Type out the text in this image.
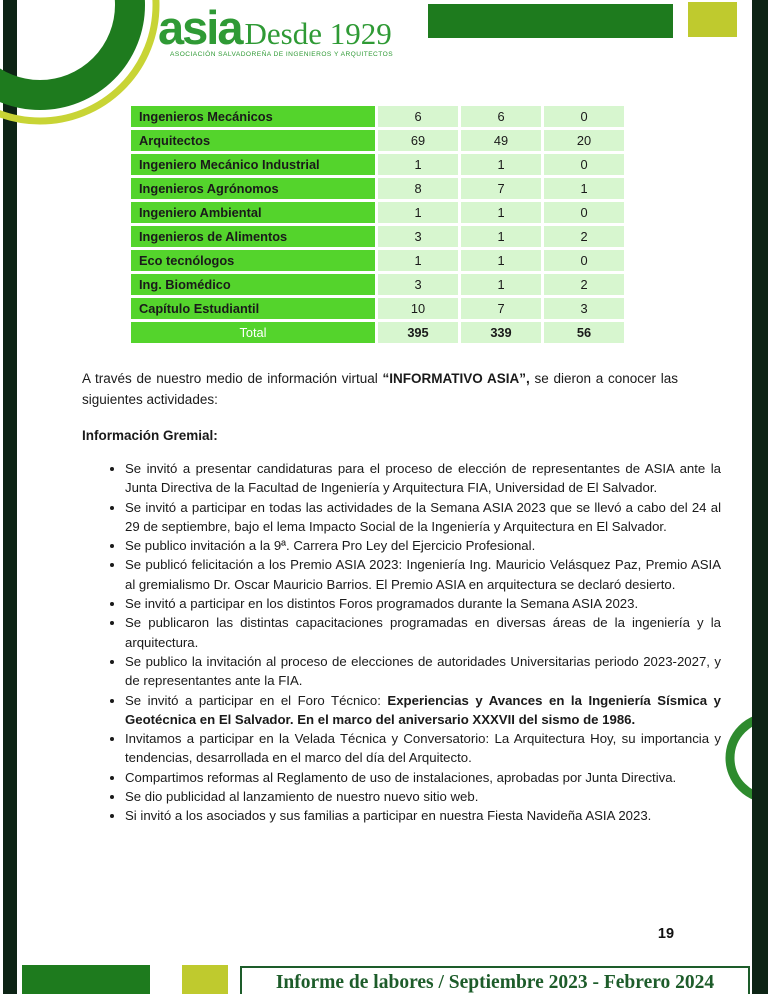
asia Desde 1929
ASOCIACIÓN SALVADOREÑA DE INGENIEROS Y ARQUITECTOS
Ingenieros Mecánicos	6	6	0
Arquitectos	69	49	20
Ingeniero Mecánico Industrial	1	1	0
Ingenieros Agrónomos	8	7	1
Ingeniero Ambiental	1	1	0
Ingenieros de Alimentos	3	1	2
Eco tecnólogos	1	1	0
Ing. Biomédico	3	1	2
Capítulo Estudiantil	10	7	3
Total	395	339	56

A través de nuestro medio de información virtual “INFORMATIVO ASIA”, se dieron a conocer las siguientes actividades:

Información Gremial:

• Se invitó a presentar candidaturas para el proceso de elección de representantes de ASIA ante la Junta Directiva de la Facultad de Ingeniería y Arquitectura FIA, Universidad de El Salvador.
• Se invitó a participar en todas las actividades de la Semana ASIA 2023 que se llevó a cabo del 24 al 29 de septiembre, bajo el lema Impacto Social de la Ingeniería y Arquitectura en El Salvador.
• Se publico invitación a la 9ª. Carrera Pro Ley del Ejercicio Profesional.
• Se publicó felicitación a los Premio ASIA 2023: Ingeniería Ing. Mauricio Velásquez Paz, Premio ASIA al gremialismo Dr. Oscar Mauricio Barrios. El Premio ASIA en arquitectura se declaró desierto.
• Se invitó a participar en los distintos Foros programados durante la Semana ASIA 2023.
• Se publicaron las distintas capacitaciones programadas en diversas áreas de la ingeniería y la arquitectura.
• Se publico la invitación al proceso de elecciones de autoridades Universitarias periodo 2023-2027, y de representantes ante la FIA.
• Se invitó a participar en el Foro Técnico: Experiencias y Avances en la Ingeniería Sísmica y Geotécnica en El Salvador. En el marco del aniversario XXXVII del sismo de 1986.
• Invitamos a participar en la Velada Técnica y Conversatorio: La Arquitectura Hoy, su importancia y tendencias, desarrollada en el marco del día del Arquitecto.
• Compartimos reformas al Reglamento de uso de instalaciones, aprobadas por Junta Directiva.
• Se dio publicidad al lanzamiento de nuestro nuevo sitio web.
• Si invitó a los asociados y sus familias a participar en nuestra Fiesta Navideña ASIA 2023.
19
Informe de labores / Septiembre 2023 - Febrero 2024
